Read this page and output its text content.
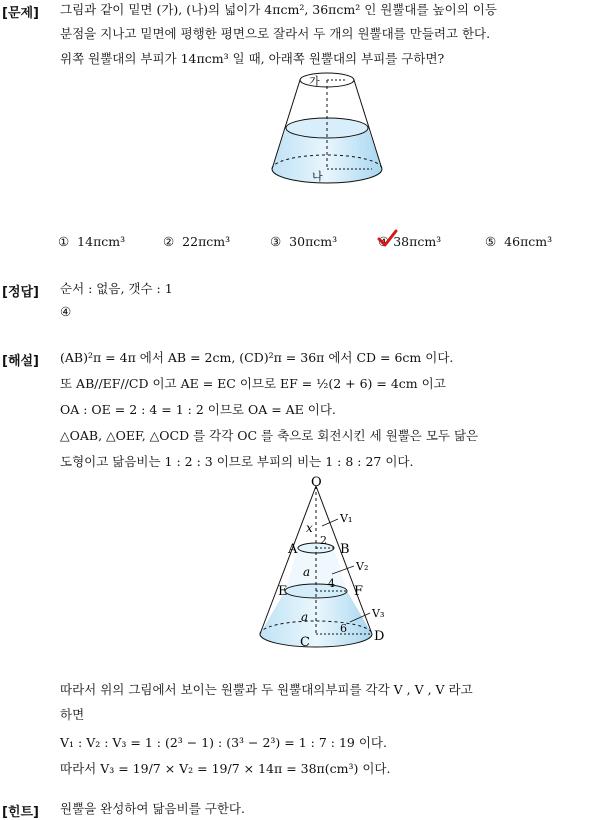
[문제] 그림과 같이 밑면 (가), (나)의 넓이가 4πcm², 36πcm² 인 원뿔대를 높이의 이등
분점을 지나고 밑면에 평행한 평면으로 잘라서 두 개의 원뿔대를 만들려고 한다.
위쪽 원뿔대의 부피가 14πcm³ 일 때, 아래쪽 원뿔대의 부피를 구하면?
가
나
① 14πcm³	② 22πcm³	③ 30πcm³	④ 38πcm³	⑤ 46πcm³
[정답] 순서 : 없음, 갯수 : 1
④
[해설] (AB)²π = 4π 에서 AB = 2cm, (CD)²π = 36π 에서 CD = 6cm 이다.
또 AB//EF//CD 이고 AE = EC 이므로 EF = ½(2 + 6) = 4cm 이고
OA : OE = 2 : 4 = 1 : 2 이므로 OA = AE 이다.
△OAB, △OEF, △OCD 를 각각 OC 를 축으로 회전시킨 세 원뿔은 모두 닮은
도형이고 닮음비는 1 : 2 : 3 이므로 부피의 비는 1 : 8 : 27 이다.
O
A	B
E	F
C	D
x
a
a
2
4
6
V₁
V₂
V₃
따라서 위의 그림에서 보이는 원뿔과 두 원뿔대의부피를 각각 V , V , V 라고
하면
V₁ : V₂ : V₃ = 1 : (2³ − 1) : (3³ − 2³) = 1 : 7 : 19 이다.
따라서 V₃ = 19/7 × V₂ = 19/7 × 14π = 38π(cm³) 이다.
[힌트] 원뿔을 완성하여 닮음비를 구한다.
